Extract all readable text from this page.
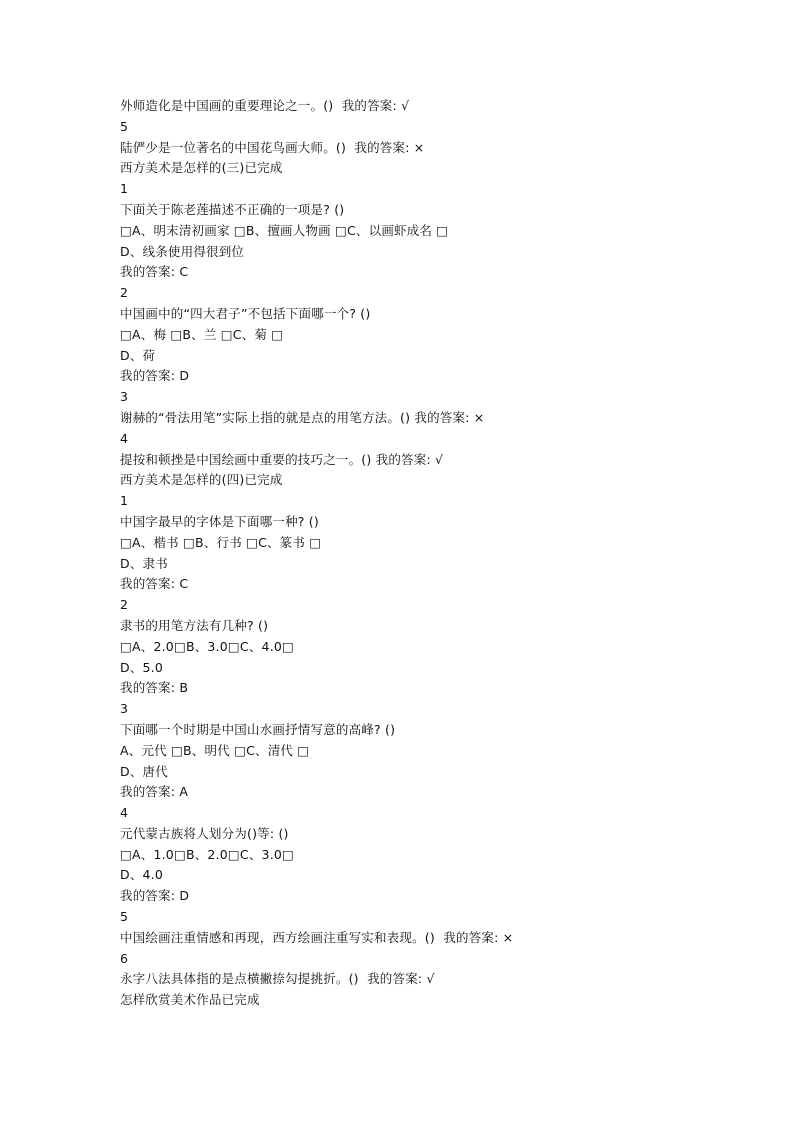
外师造化是中国画的重要理论之一。()  我的答案: √
5
陆俨少是一位著名的中国花鸟画大师。()  我的答案: ×
西方美术是怎样的(三)已完成
1
下面关于陈老莲描述不正确的一项是? ()
□A、明末清初画家 □B、擅画人物画 □C、以画虾成名 □
D、线条使用得很到位
我的答案: C
2
中国画中的“四大君子”不包括下面哪一个? ()
□A、梅 □B、兰 □C、菊 □
D、荷
我的答案: D
3
谢赫的“骨法用笔”实际上指的就是点的用笔方法。() 我的答案: ×
4
提按和顿挫是中国绘画中重要的技巧之一。() 我的答案: √
西方美术是怎样的(四)已完成
1
中国字最早的字体是下面哪一种? ()
□A、楷书 □B、行书 □C、篆书 □
D、隶书
我的答案: C
2
隶书的用笔方法有几种? ()
□A、2.0□B、3.0□C、4.0□
D、5.0
我的答案: B
3
下面哪一个时期是中国山水画抒情写意的高峰? ()
A、元代 □B、明代 □C、清代 □
D、唐代
我的答案: A
4
元代蒙古族将人划分为()等: ()
□A、1.0□B、2.0□C、3.0□
D、4.0
我的答案: D
5
中国绘画注重情感和再现，西方绘画注重写实和表现。()  我的答案: ×
6
永字八法具体指的是点横撇捺勾提挑折。()  我的答案: √
怎样欣赏美术作品已完成
